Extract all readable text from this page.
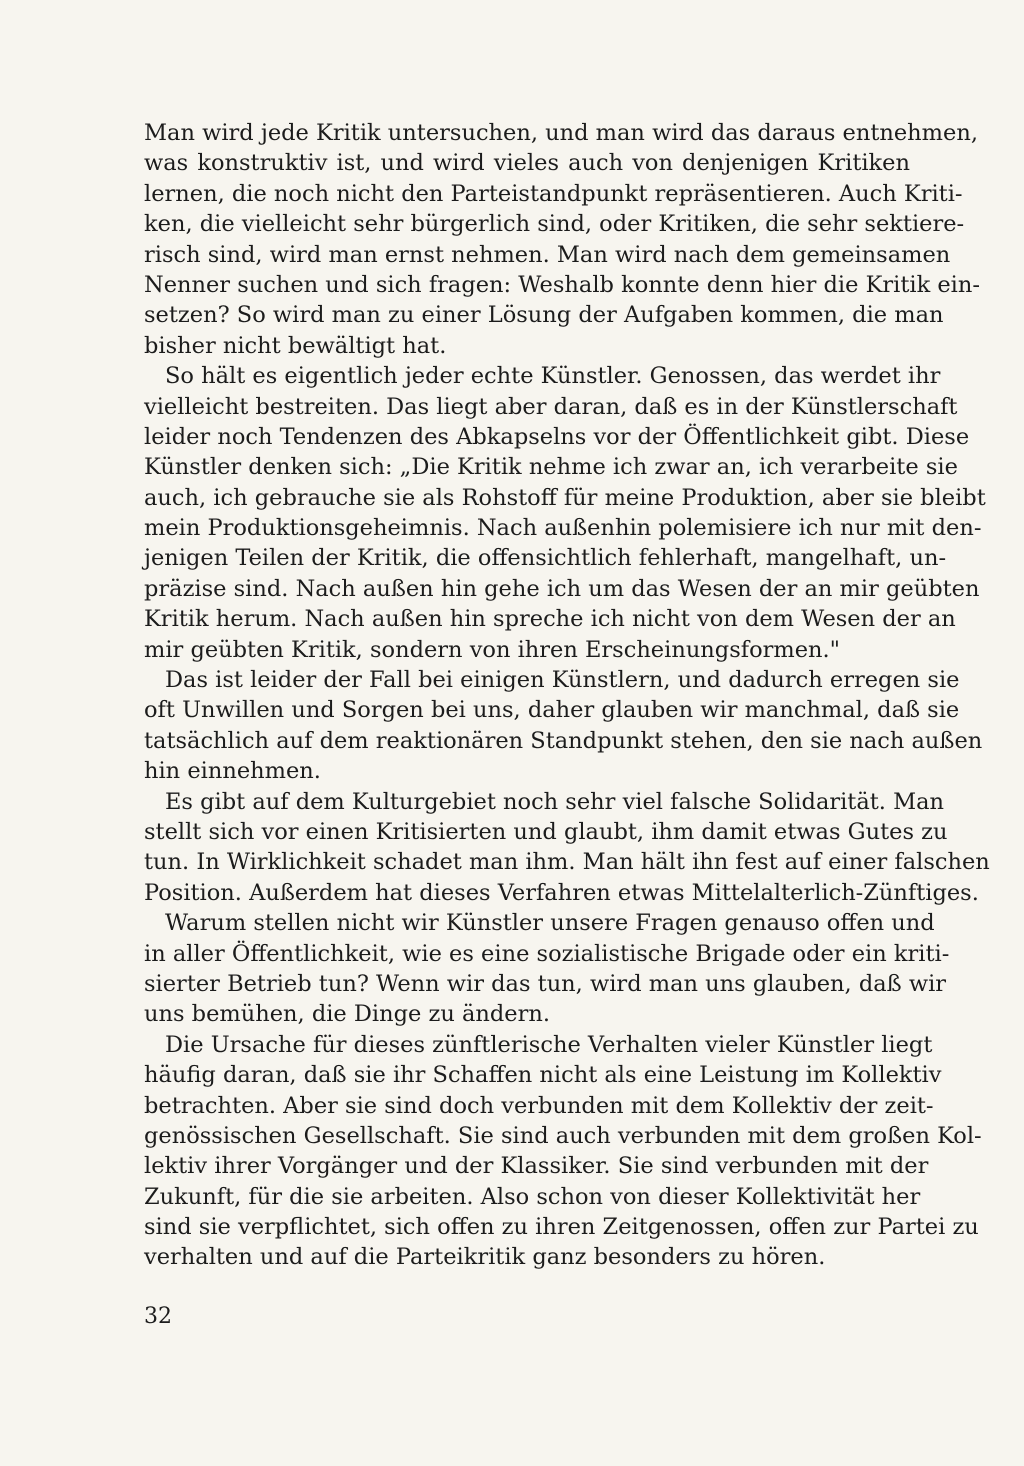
Man wird jede Kritik untersuchen, und man wird das daraus entnehmen,
was konstruktiv ist, und wird vieles auch von denjenigen Kritiken
lernen, die noch nicht den Parteistandpunkt repräsentieren. Auch Kriti-
ken, die vielleicht sehr bürgerlich sind, oder Kritiken, die sehr sektiere-
risch sind, wird man ernst nehmen. Man wird nach dem gemeinsamen
Nenner suchen und sich fragen: Weshalb konnte denn hier die Kritik ein-
setzen? So wird man zu einer Lösung der Aufgaben kommen, die man
bisher nicht bewältigt hat.
So hält es eigentlich jeder echte Künstler. Genossen, das werdet ihr
vielleicht bestreiten. Das liegt aber daran, daß es in der Künstlerschaft
leider noch Tendenzen des Abkapselns vor der Öffentlichkeit gibt. Diese
Künstler denken sich: „Die Kritik nehme ich zwar an, ich verarbeite sie
auch, ich gebrauche sie als Rohstoff für meine Produktion, aber sie bleibt
mein Produktionsgeheimnis. Nach außenhin polemisiere ich nur mit den-
jenigen Teilen der Kritik, die offensichtlich fehlerhaft, mangelhaft, un-
präzise sind. Nach außen hin gehe ich um das Wesen der an mir geübten
Kritik herum. Nach außen hin spreche ich nicht von dem Wesen der an
mir geübten Kritik, sondern von ihren Erscheinungsformen."
Das ist leider der Fall bei einigen Künstlern, und dadurch erregen sie
oft Unwillen und Sorgen bei uns, daher glauben wir manchmal, daß sie
tatsächlich auf dem reaktionären Standpunkt stehen, den sie nach außen
hin einnehmen.
Es gibt auf dem Kulturgebiet noch sehr viel falsche Solidarität. Man
stellt sich vor einen Kritisierten und glaubt, ihm damit etwas Gutes zu
tun. In Wirklichkeit schadet man ihm. Man hält ihn fest auf einer falschen
Position. Außerdem hat dieses Verfahren etwas Mittelalterlich-Zünftiges.
Warum stellen nicht wir Künstler unsere Fragen genauso offen und
in aller Öffentlichkeit, wie es eine sozialistische Brigade oder ein kriti-
sierter Betrieb tun? Wenn wir das tun, wird man uns glauben, daß wir
uns bemühen, die Dinge zu ändern.
Die Ursache für dieses zünftlerische Verhalten vieler Künstler liegt
häufig daran, daß sie ihr Schaffen nicht als eine Leistung im Kollektiv
betrachten. Aber sie sind doch verbunden mit dem Kollektiv der zeit-
genössischen Gesellschaft. Sie sind auch verbunden mit dem großen Kol-
lektiv ihrer Vorgänger und der Klassiker. Sie sind verbunden mit der
Zukunft, für die sie arbeiten. Also schon von dieser Kollektivität her
sind sie verpflichtet, sich offen zu ihren Zeitgenossen, offen zur Partei zu
verhalten und auf die Parteikritik ganz besonders zu hören.
32
